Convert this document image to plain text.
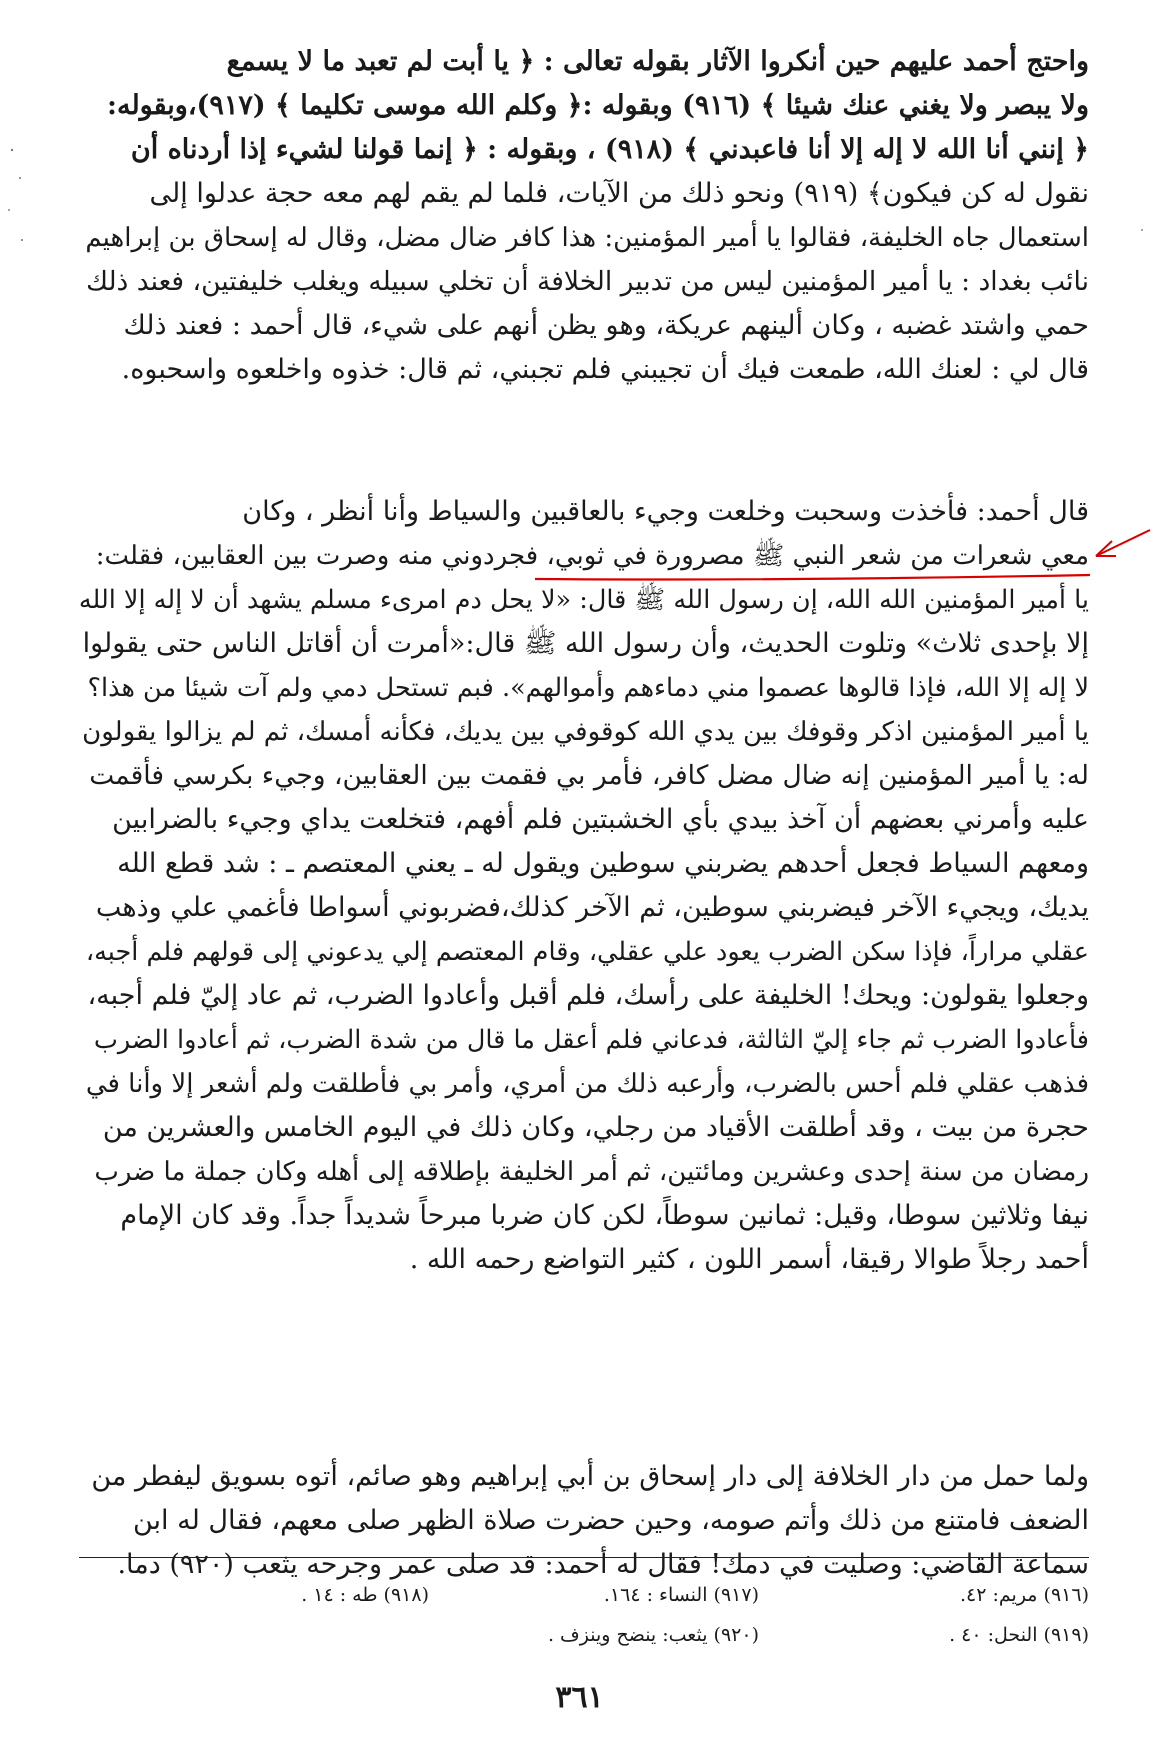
واحتج أحمد عليهم حين أنكروا الآثار بقوله تعالى : ﴿ يا أبت لم تعبد ما لا يسمع
ولا يبصر ولا يغني عنك شيئا ﴾ (٩١٦) وبقوله :﴿ وكلم الله موسى تكليما ﴾ (٩١٧)،وبقوله:
﴿ إنني أنا الله لا إله إلا أنا فاعبدني ﴾ (٩١٨) ، وبقوله : ﴿ إنما قولنا لشيء إذا أردناه أن
نقول له كن فيكون﴾ (٩١٩) ونحو ذلك من الآيات، فلما لم يقم لهم معه حجة عدلوا إلى
استعمال جاه الخليفة، فقالوا يا أمير المؤمنين: هذا كافر ضال مضل، وقال له إسحاق بن إبراهيم
نائب بغداد : يا أمير المؤمنين ليس من تدبير الخلافة أن تخلي سبيله ويغلب خليفتين، فعند ذلك
حمي واشتد غضبه ، وكان ألينهم عريكة، وهو يظن أنهم على شيء، قال أحمد : فعند ذلك
قال لي : لعنك الله، طمعت فيك أن تجيبني فلم تجبني، ثم قال: خذوه واخلعوه واسحبوه.
قال أحمد: فأخذت وسحبت وخلعت وجيء بالعاقبين والسياط وأنا أنظر ، وكان
معي شعرات من شعر النبي ﷺ مصرورة في ثوبي، فجردوني منه وصرت بين العقابين، فقلت:
يا أمير المؤمنين الله الله، إن رسول الله ﷺ قال: «لا يحل دم امرىء مسلم يشهد أن لا إله إلا الله
إلا بإحدى ثلاث» وتلوت الحديث، وأن رسول الله ﷺ قال:«أمرت أن أقاتل الناس حتى يقولوا
لا إله إلا الله، فإذا قالوها عصموا مني دماءهم وأموالهم». فبم تستحل دمي ولم آت شيئا من هذا؟
يا أمير المؤمنين اذكر وقوفك بين يدي الله كوقوفي بين يديك، فكأنه أمسك، ثم لم يزالوا يقولون
له: يا أمير المؤمنين إنه ضال مضل كافر، فأمر بي فقمت بين العقابين، وجيء بكرسي فأقمت
عليه وأمرني بعضهم أن آخذ بيدي بأي الخشبتين فلم أفهم، فتخلعت يداي وجيء بالضرابين
ومعهم السياط فجعل أحدهم يضربني سوطين ويقول له ـ يعني المعتصم ـ : شد قطع الله
يديك، ويجيء الآخر فيضربني سوطين، ثم الآخر كذلك،فضربوني أسواطا فأغمي علي وذهب
عقلي مراراً، فإذا سكن الضرب يعود علي عقلي، وقام المعتصم إلي يدعوني إلى قولهم فلم أجبه،
وجعلوا يقولون: ويحك! الخليفة على رأسك، فلم أقبل وأعادوا الضرب، ثم عاد إليّ فلم أجبه،
فأعادوا الضرب ثم جاء إليّ الثالثة، فدعاني فلم أعقل ما قال من شدة الضرب، ثم أعادوا الضرب
فذهب عقلي فلم أحس بالضرب، وأرعبه ذلك من أمري، وأمر بي فأطلقت ولم أشعر إلا وأنا في
حجرة من بيت ، وقد أطلقت الأقياد من رجلي، وكان ذلك في اليوم الخامس والعشرين من
رمضان من سنة إحدى وعشرين ومائتين، ثم أمر الخليفة بإطلاقه إلى أهله وكان جملة ما ضرب
نيفا وثلاثين سوطا، وقيل: ثمانين سوطاً، لكن كان ضربا مبرحاً شديداً جداً. وقد كان الإمام
أحمد رجلاً طوالا رقيقا، أسمر اللون ، كثير التواضع رحمه الله .
ولما حمل من دار الخلافة إلى دار إسحاق بن أبي إبراهيم وهو صائم، أتوه بسويق ليفطر من
الضعف فامتنع من ذلك وأتم صومه، وحين حضرت صلاة الظهر صلى معهم، فقال له ابن
سماعة القاضي: وصليت في دمك! فقال له أحمد: قد صلى عمر وجرحه يثعب (٩٢٠) دما.
(٩١٦) مريم: ٤٢.
(٩١٧) النساء : ١٦٤.
(٩١٨) طه : ١٤ .
(٩١٩) النحل: ٤٠ .
(٩٢٠) يثعب: ينضح وينزف .
٣٦١
